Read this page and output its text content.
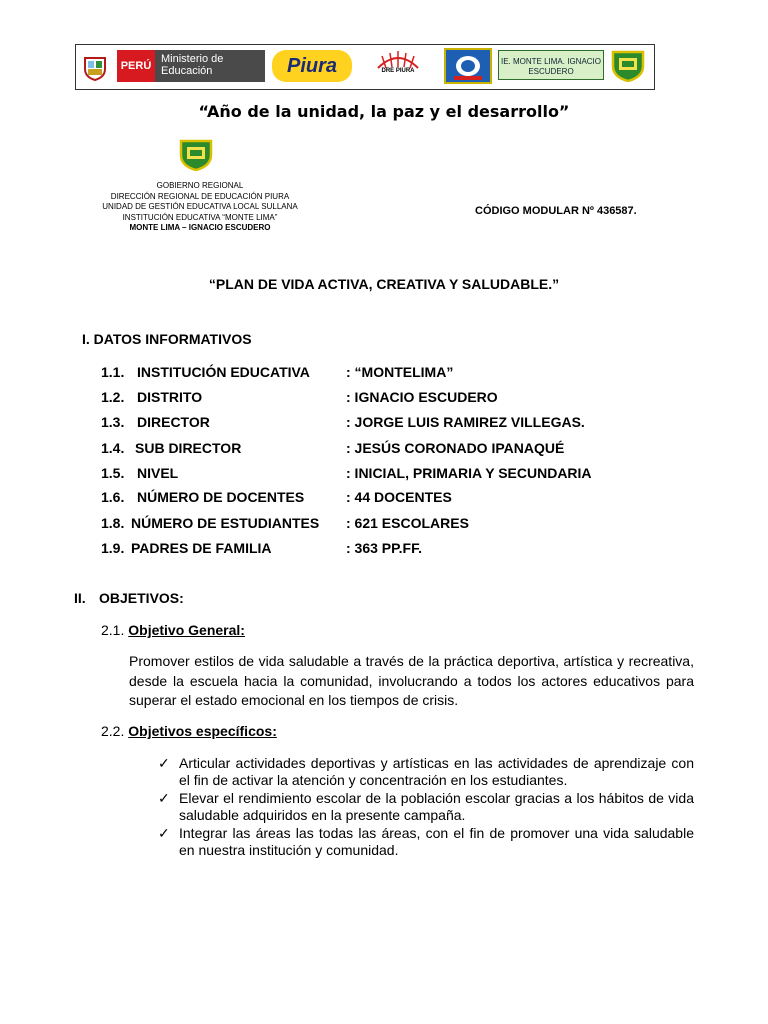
PERÚ
Ministerio de Educación	Piura	DRE PIURA
IE. MONTE LIMA. IGNACIO ESCUDERO
“Año de la unidad, la paz y el desarrollo”
GOBIERNO REGIONAL
DIRECCIÓN REGIONAL DE EDUCACIÓN PIURA
UNIDAD DE GESTIÓN EDUCATIVA LOCAL SULLANA
INSTITUCIÓN EDUCATIVA “MONTE LIMA”
MONTE LIMA – IGNACIO ESCUDERO
CÓDIGO MODULAR Nº 436587.
“PLAN DE VIDA ACTIVA, CREATIVA Y SALUDABLE.”
I. DATOS INFORMATIVOS
1.1. INSTITUCIÓN EDUCATIVA	: “MONTELIMA”
1.2. DISTRITO	: IGNACIO ESCUDERO
1.3. DIRECTOR	: JORGE LUIS RAMIREZ VILLEGAS.
1.4. SUB DIRECTOR	: JESÚS CORONADO IPANAQUÉ
1.5. NIVEL	: INICIAL, PRIMARIA Y SECUNDARIA
1.6. NÚMERO DE DOCENTES	: 44 DOCENTES
1.8. NÚMERO DE ESTUDIANTES : 621 ESCOLARES
1.9. PADRES DE FAMILIA	: 363 PP.FF.
II. OBJETIVOS:
2.1. Objetivo General:
Promover estilos de vida saludable a través de la práctica deportiva, artística y recreativa, desde la escuela hacia la comunidad, involucrando a todos los actores educativos para superar el estado emocional en los tiempos de crisis.
2.2. Objetivos específicos:
✓ Articular actividades deportivas y artísticas en las actividades de aprendizaje con el fin de activar la atención y concentración en los estudiantes.
✓ Elevar el rendimiento escolar de la población escolar gracias a los hábitos de vida saludable adquiridos en la presente campaña.
✓ Integrar las áreas las todas las áreas, con el fin de promover una vida saludable en nuestra institución y comunidad.
